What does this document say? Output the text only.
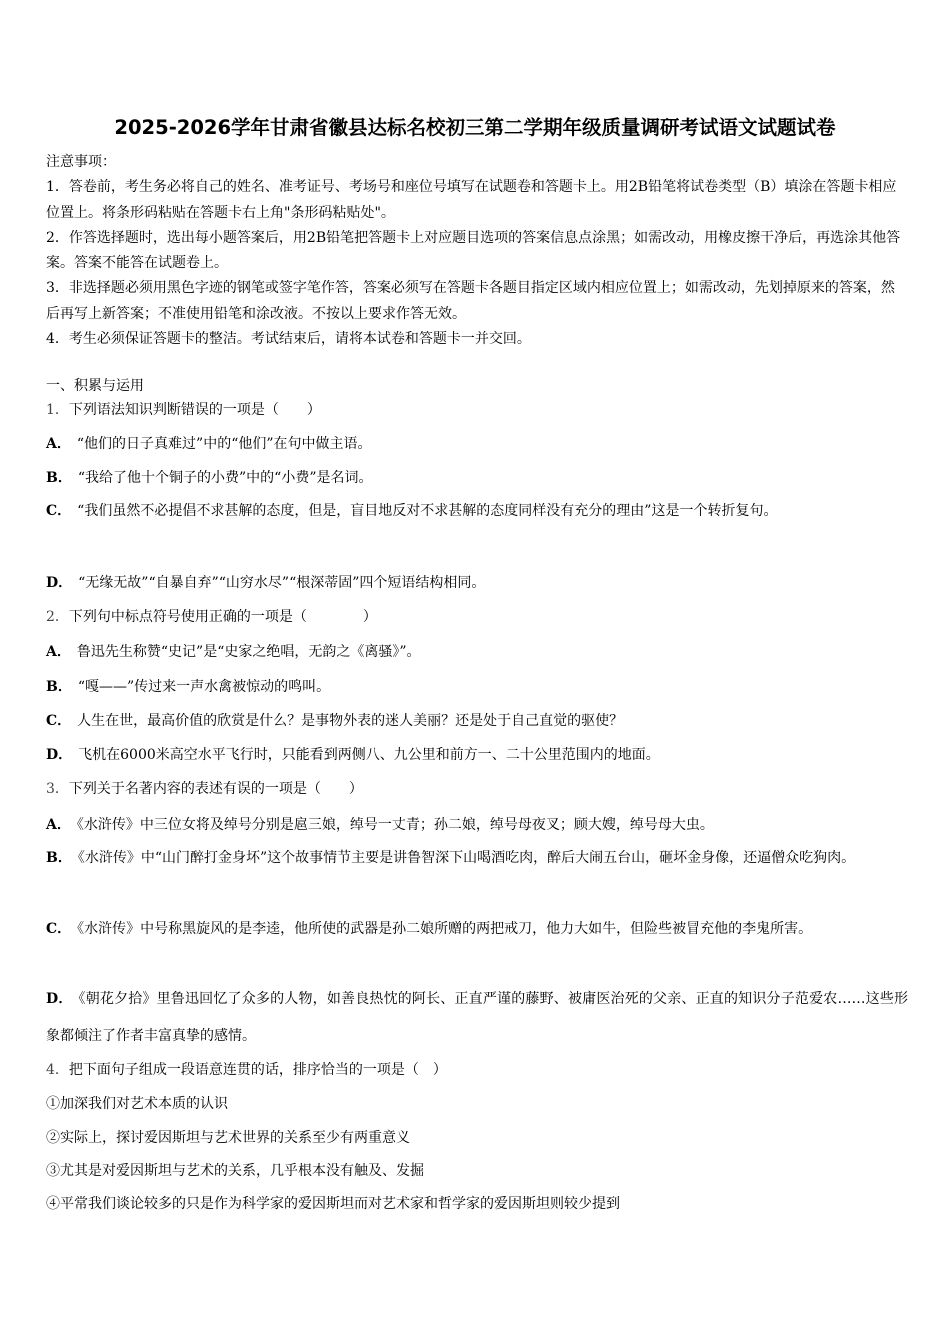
2025-2026学年甘肃省徽县达标名校初三第二学期年级质量调研考试语文试题试卷

注意事项：

1．答卷前，考生务必将自己的姓名、准考证号、考场号和座位号填写在试题卷和答题卡上。用2B铅笔将试卷类型（B）填涂在答题卡相应位置上。将条形码粘贴在答题卡右上角"条形码粘贴处"。

2．作答选择题时，选出每小题答案后，用2B铅笔把答题卡上对应题目选项的答案信息点涂黑；如需改动，用橡皮擦干净后，再选涂其他答案。答案不能答在试题卷上。

3．非选择题必须用黑色字迹的钢笔或签字笔作答，答案必须写在答题卡各题目指定区域内相应位置上；如需改动，先划掉原来的答案，然后再写上新答案；不准使用铅笔和涂改液。不按以上要求作答无效。

4．考生必须保证答题卡的整洁。考试结束后，请将本试卷和答题卡一并交回。

一、积累与运用
1．下列语法知识判断错误的一项是（　　）
A． “他们的日子真难过”中的“他们”在句中做主语。
B． “我给了他十个铜子的小费”中的“小费”是名词。
C． “我们虽然不必提倡不求甚解的态度，但是，盲目地反对不求甚解的态度同样没有充分的理由”这是一个转折复句。
D． “无缘无故”“自暴自弃”“山穷水尽”“根深蒂固”四个短语结构相同。
2．下列句中标点符号使用正确的一项是（　　　　）
A． 鲁迅先生称赞“史记”是“史家之绝唱，无韵之《离骚》”。
B． “嘎——”传过来一声水禽被惊动的鸣叫。
C． 人生在世，最高价值的欣赏是什么？是事物外表的迷人美丽？还是处于自己直觉的驱使？
D． 飞机在6000米高空水平飞行时，只能看到两侧八、九公里和前方一、二十公里范围内的地面。
3．下列关于名著内容的表述有误的一项是（　　）
A． 《水浒传》中三位女将及绰号分别是扈三娘，绰号一丈青；孙二娘，绰号母夜叉；顾大嫂，绰号母大虫。
B． 《水浒传》中“山门醉打金身坏”这个故事情节主要是讲鲁智深下山喝酒吃肉，醉后大闹五台山，砸坏金身像，还逼僧众吃狗肉。
C． 《水浒传》中号称黑旋风的是李逵，他所使的武器是孙二娘所赠的两把戒刀，他力大如牛，但险些被冒充他的李鬼所害。
D． 《朝花夕拾》里鲁迅回忆了众多的人物，如善良热忱的阿长、正直严谨的藤野、被庸医治死的父亲、正直的知识分子范爱农……这些形象都倾注了作者丰富真挚的感情。
4．把下面句子组成一段语意连贯的话，排序恰当的一项是（　）
①加深我们对艺术本质的认识
②实际上，探讨爱因斯坦与艺术世界的关系至少有两重意义
③尤其是对爱因斯坦与艺术的关系，几乎根本没有触及、发掘
④平常我们谈论较多的只是作为科学家的爱因斯坦而对艺术家和哲学家的爱因斯坦则较少提到
